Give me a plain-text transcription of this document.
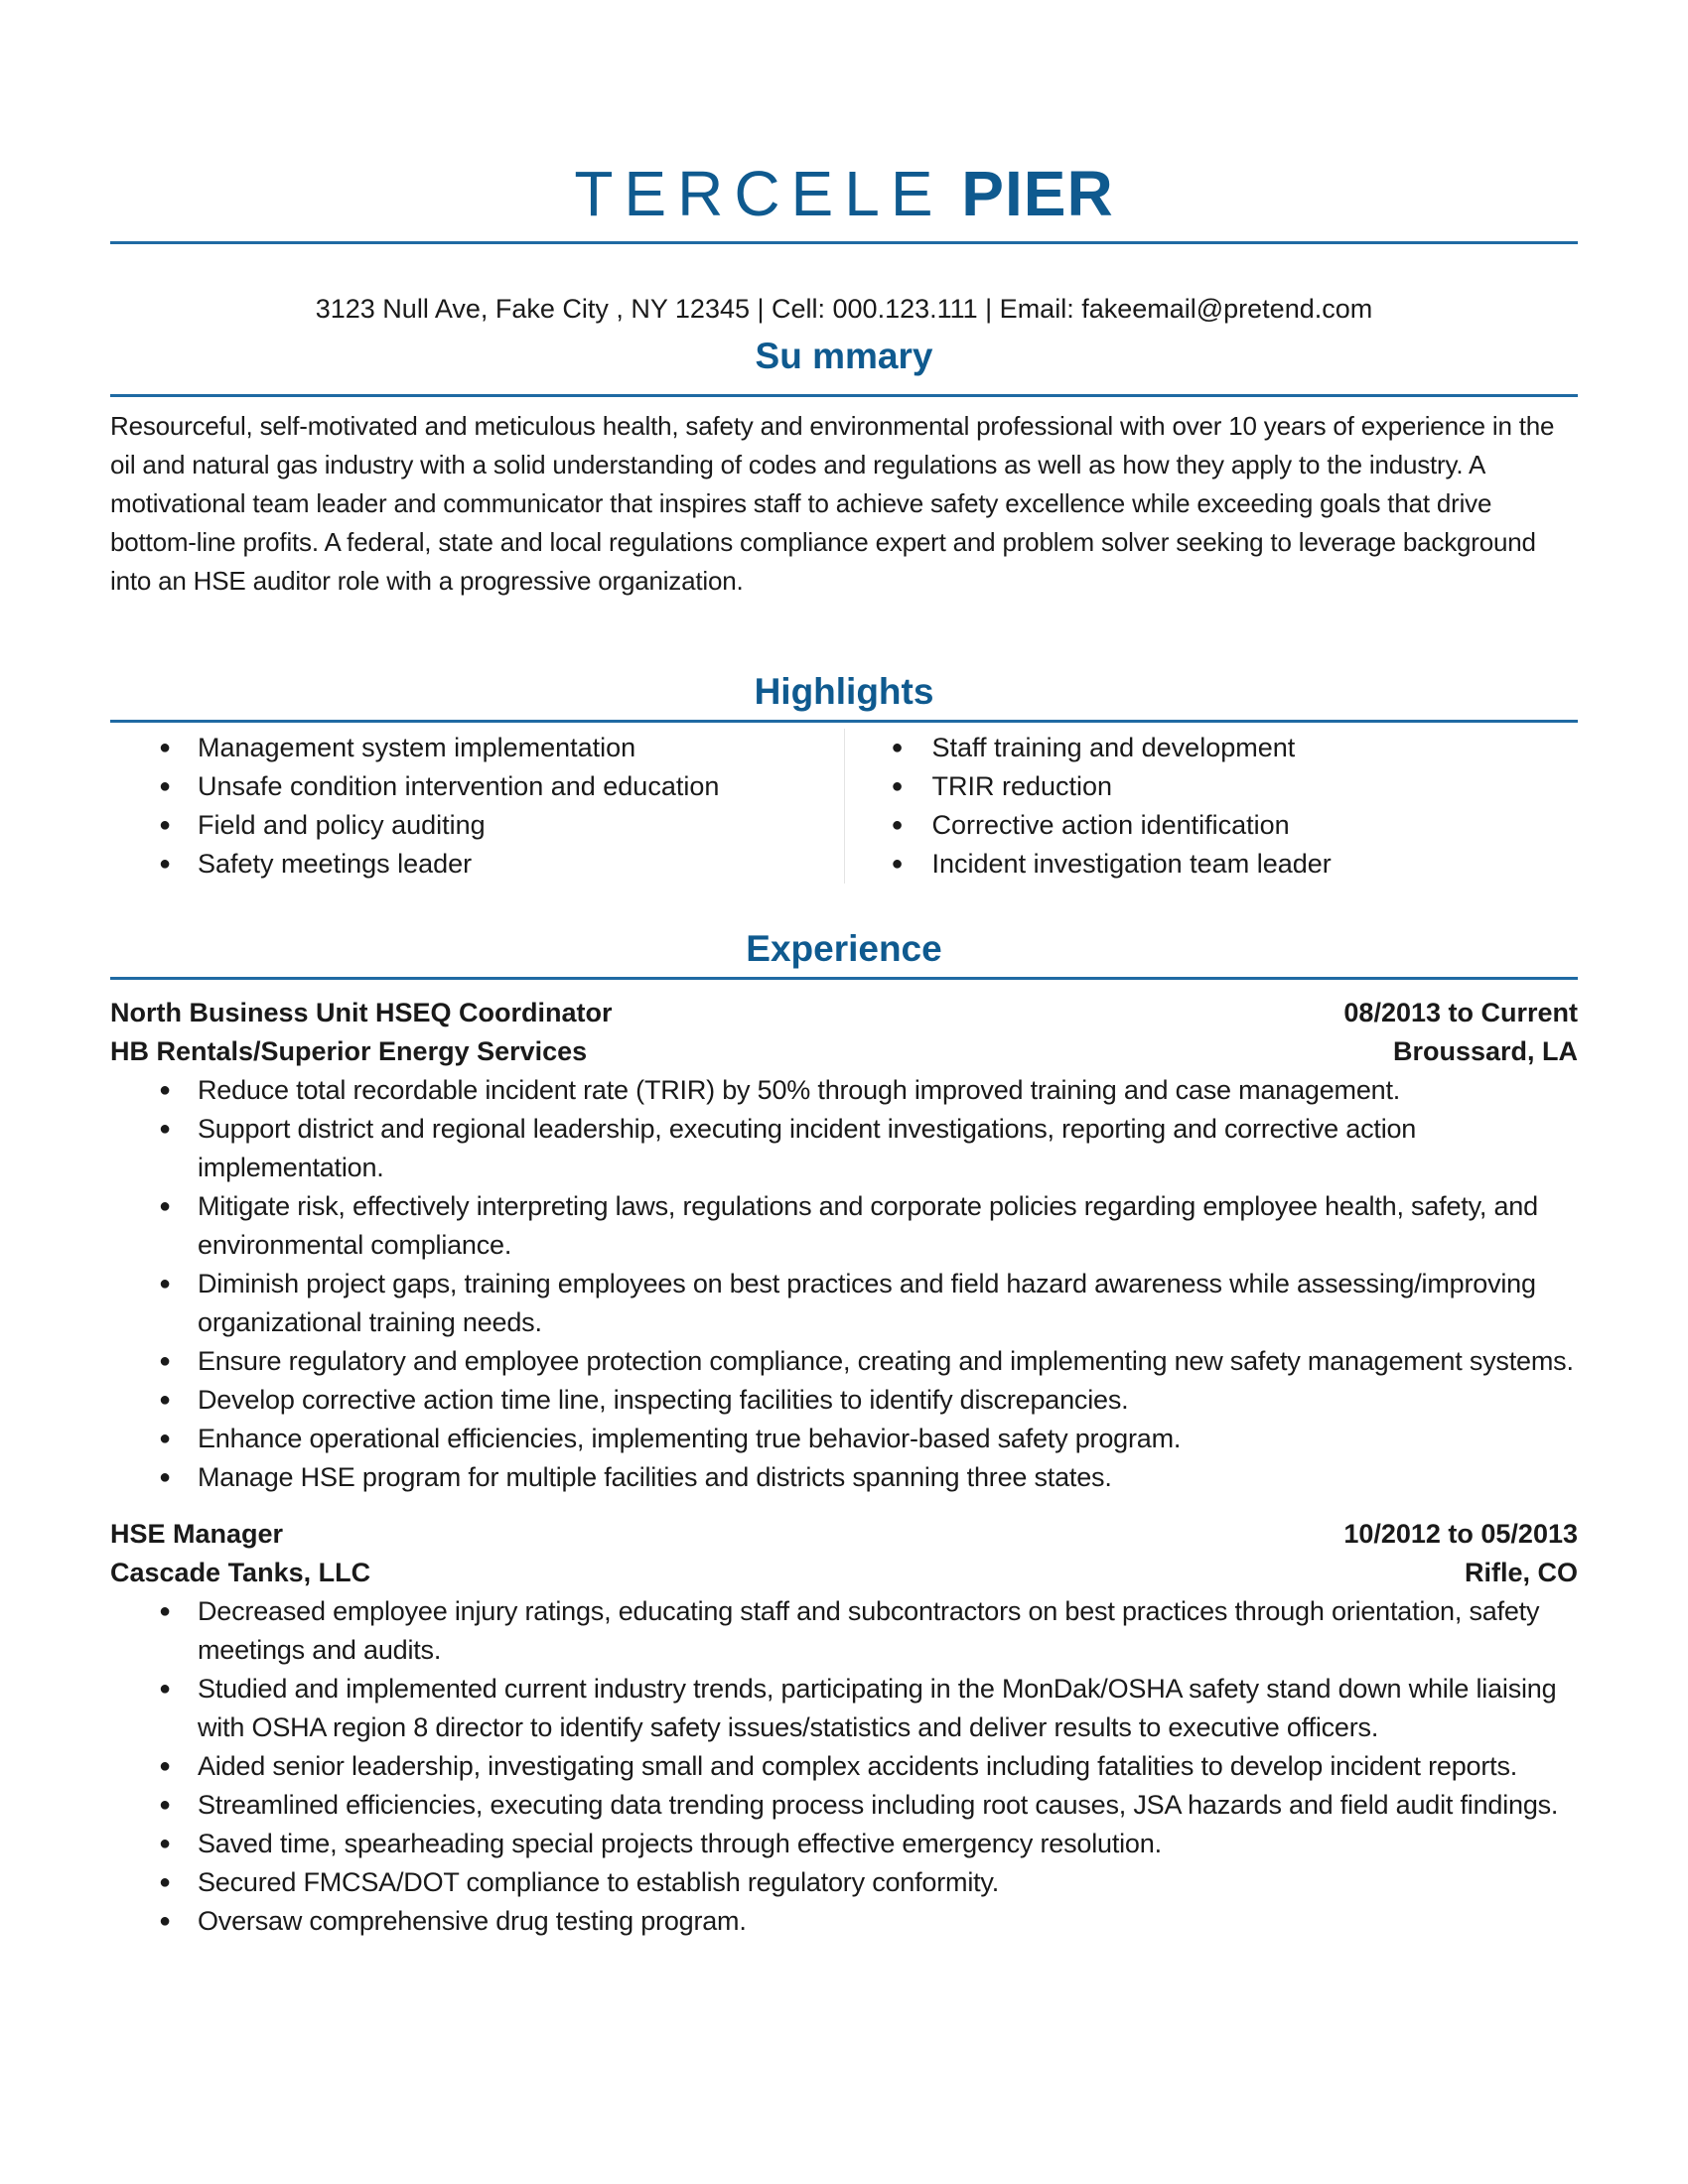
TERCELE PIER
3123 Null Ave, Fake City , NY 12345 | Cell: 000.123.111 | Email: fakeemail@pretend.com
Su mmary
Resourceful, self-motivated and meticulous health, safety and environmental professional with over 10 years of experience in the oil and natural gas industry with a solid understanding of codes and regulations as well as how they apply to the industry. A motivational team leader and communicator that inspires staff to achieve safety excellence while exceeding goals that drive bottom-line profits. A federal, state and local regulations compliance expert and problem solver seeking to leverage background into an HSE auditor role with a progressive organization.
Highlights
● Management system implementation
● Unsafe condition intervention and education
● Field and policy auditing
● Safety meetings leader
● Staff training and development
● TRIR reduction
● Corrective action identification
● Incident investigation team leader
Experience
North Business Unit HSEQ Coordinator	08/2013 to Current
HB Rentals/Superior Energy Services	Broussard, LA
● Reduce total recordable incident rate (TRIR) by 50% through improved training and case management.
● Support district and regional leadership, executing incident investigations, reporting and corrective action implementation.
● Mitigate risk, effectively interpreting laws, regulations and corporate policies regarding employee health, safety, and environmental compliance.
● Diminish project gaps, training employees on best practices and field hazard awareness while assessing/improving organizational training needs.
● Ensure regulatory and employee protection compliance, creating and implementing new safety management systems.
● Develop corrective action time line, inspecting facilities to identify discrepancies.
● Enhance operational efficiencies, implementing true behavior-based safety program.
● Manage HSE program for multiple facilities and districts spanning three states.
HSE Manager	10/2012 to 05/2013
Cascade Tanks, LLC	Rifle, CO
● Decreased employee injury ratings, educating staff and subcontractors on best practices through orientation, safety meetings and audits.
● Studied and implemented current industry trends, participating in the MonDak/OSHA safety stand down while liaising with OSHA region 8 director to identify safety issues/statistics and deliver results to executive officers.
● Aided senior leadership, investigating small and complex accidents including fatalities to develop incident reports.
● Streamlined efficiencies, executing data trending process including root causes, JSA hazards and field audit findings.
● Saved time, spearheading special projects through effective emergency resolution.
● Secured FMCSA/DOT compliance to establish regulatory conformity.
● Oversaw comprehensive drug testing program.
